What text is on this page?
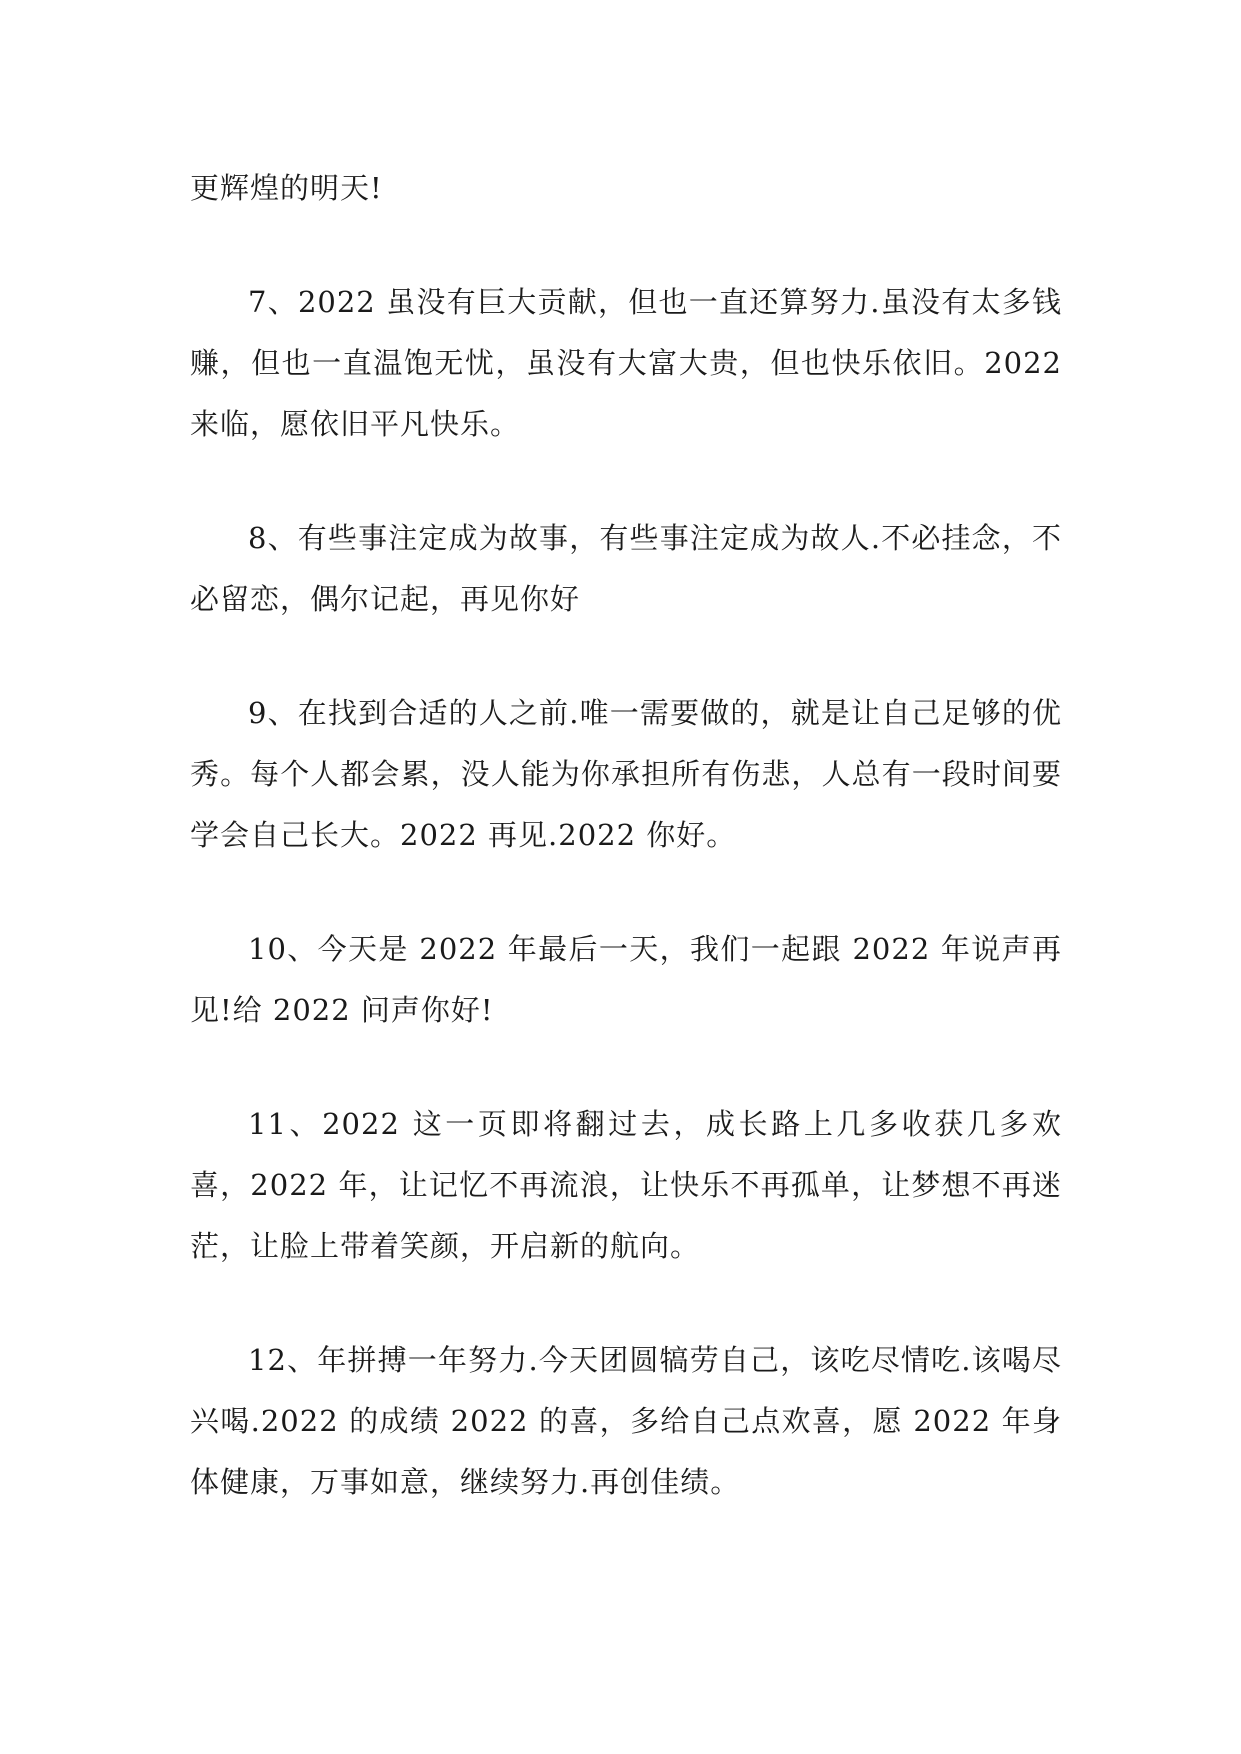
更辉煌的明天!

7、2022 虽没有巨大贡献，但也一直还算努力.虽没有太多钱赚，但也一直温饱无忧，虽没有大富大贵，但也快乐依旧。2022 来临，愿依旧平凡快乐。

8、有些事注定成为故事，有些事注定成为故人.不必挂念，不必留恋，偶尔记起，再见你好

9、在找到合适的人之前.唯一需要做的，就是让自己足够的优秀。每个人都会累，没人能为你承担所有伤悲，人总有一段时间要学会自己长大。2022 再见.2022 你好。

10、今天是 2022 年最后一天，我们一起跟 2022 年说声再见!给 2022 问声你好!

11、2022 这一页即将翻过去，成长路上几多收获几多欢喜，2022 年，让记忆不再流浪，让快乐不再孤单，让梦想不再迷茫，让脸上带着笑颜，开启新的航向。

12、年拼搏一年努力.今天团圆犒劳自己，该吃尽情吃.该喝尽兴喝.2022 的成绩 2022 的喜，多给自己点欢喜，愿 2022 年身体健康，万事如意，继续努力.再创佳绩。
